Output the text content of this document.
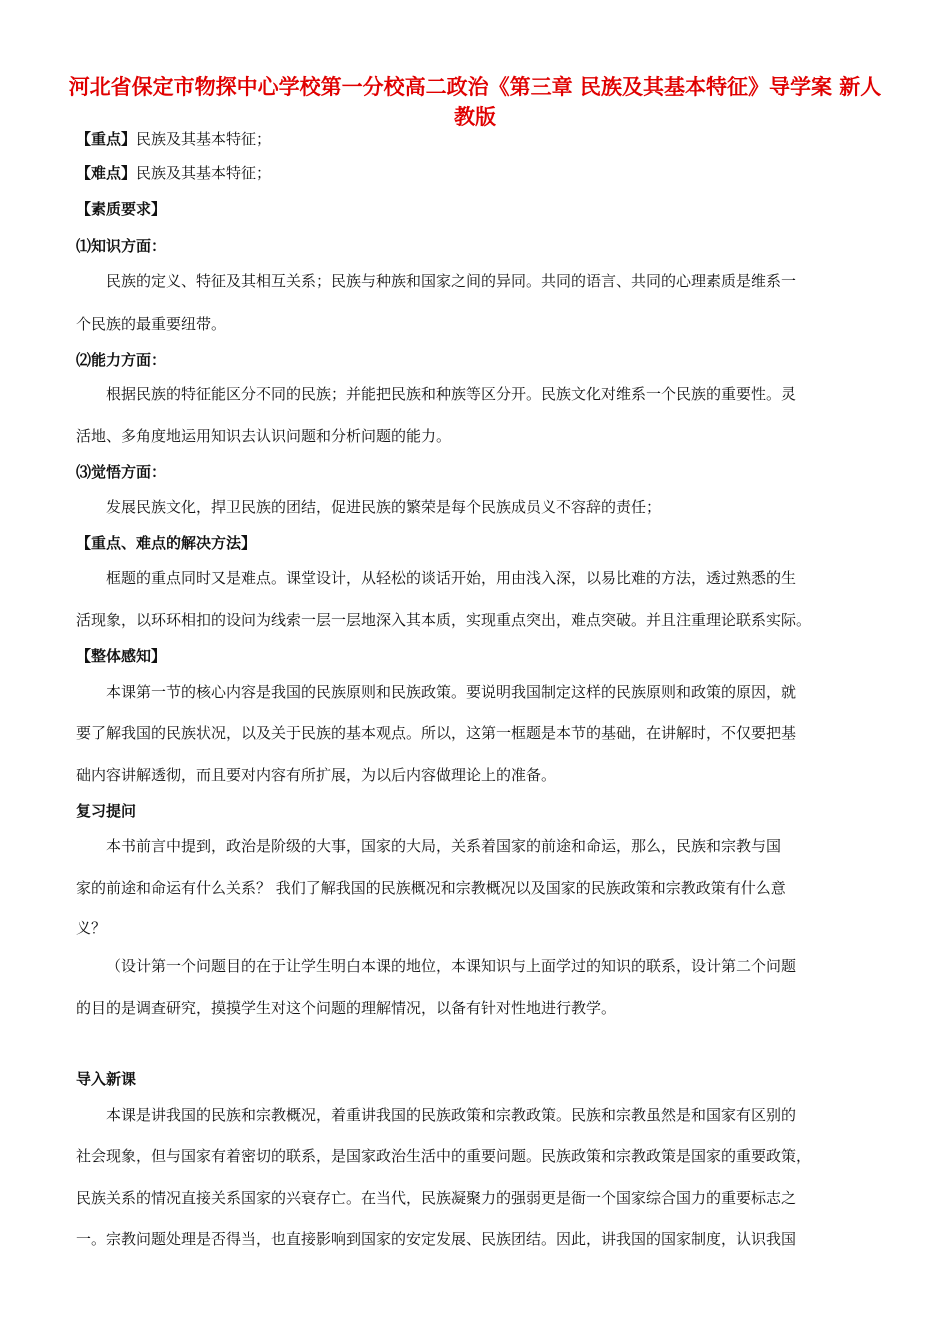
河北省保定市物探中心学校第一分校高二政治《第三章 民族及其基本特征》导学案 新人教版
【重点】民族及其基本特征；
【难点】民族及其基本特征；
【素质要求】
⑴知识方面：
民族的定义、特征及其相互关系；民族与种族和国家之间的异同。共同的语言、共同的心理素质是维系一
个民族的最重要纽带。
⑵能力方面：
根据民族的特征能区分不同的民族；并能把民族和种族等区分开。民族文化对维系一个民族的重要性。灵
活地、多角度地运用知识去认识问题和分析问题的能力。
⑶觉悟方面：
发展民族文化，捍卫民族的团结，促进民族的繁荣是每个民族成员义不容辞的责任；
【重点、难点的解决方法】
框题的重点同时又是难点。课堂设计，从轻松的谈话开始，用由浅入深，以易比难的方法，透过熟悉的生
活现象，以环环相扣的设问为线索一层一层地深入其本质，实现重点突出，难点突破。并且注重理论联系实际。
【整体感知】
本课第一节的核心内容是我国的民族原则和民族政策。要说明我国制定这样的民族原则和政策的原因，就
要了解我国的民族状况，以及关于民族的基本观点。所以，这第一框题是本节的基础，在讲解时，不仅要把基
础内容讲解透彻，而且要对内容有所扩展，为以后内容做理论上的准备。
复习提问
本书前言中提到，政治是阶级的大事，国家的大局，关系着国家的前途和命运，那么，民族和宗教与国
家的前途和命运有什么关系？ 我们了解我国的民族概况和宗教概况以及国家的民族政策和宗教政策有什么意
义？
（设计第一个问题目的在于让学生明白本课的地位，本课知识与上面学过的知识的联系，设计第二个问题
的目的是调查研究，摸摸学生对这个问题的理解情况，以备有针对性地进行教学。
导入新课
本课是讲我国的民族和宗教概况，着重讲我国的民族政策和宗教政策。民族和宗教虽然是和国家有区别的
社会现象，但与国家有着密切的联系，是国家政治生活中的重要问题。民族政策和宗教政策是国家的重要政策，
民族关系的情况直接关系国家的兴衰存亡。在当代，民族凝聚力的强弱更是衙一个国家综合国力的重要标志之
一。宗教问题处理是否得当，也直接影响到国家的安定发展、民族团结。因此，讲我国的国家制度，认识我国
